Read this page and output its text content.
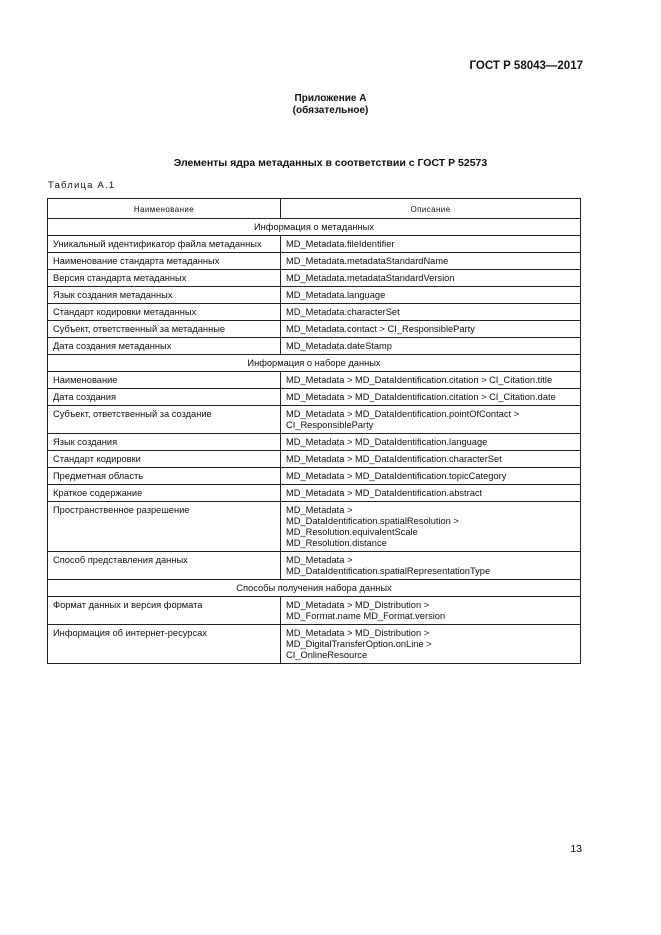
ГОСТ Р 58043—2017
Приложение А
(обязательное)
Элементы ядра метаданных в соответствии с ГОСТ Р 52573
Таблица А.1
Наименование	Описание
Информация о метаданных	
Уникальный идентификатор файла метаданных	MD_Metadata.fileIdentifier

Наименование стандарта метаданных	MD_Metadata.metadataStandardName

Версия стандарта метаданных	MD_Metadata.metadataStandardVersion

Язык создания метаданных	MD_Metadata.language

Стандарт кодировки метаданных	MD_Metadata.characterSet

Субъект, ответственный за метаданные	MD_Metadata.contact > CI_ResponsibleParty

Дата создания метаданных	MD_Metadata.dateStamp

Информация о наборе данных	
Наименование	MD_Metadata > MD_DataIdentification.citation > CI_Citation.title

Дата создания	MD_Metadata > MD_DataIdentification.citation > CI_Citation.date

Субъект, ответственный за создание	MD_Metadata > MD_DataIdentification.pointOfContact >
CI_ResponsibleParty

Язык создания	MD_Metadata > MD_DataIdentification.language

Стандарт кодировки	MD_Metadata > MD_DataIdentification.characterSet

Предметная область	MD_Metadata > MD_DataIdentification.topicCategory

Краткое содержание	MD_Metadata > MD_DataIdentification.abstract

Пространственное разрешение	MD_Metadata >
MD_DataIdentification.spatialResolution >
MD_Resolution.equivalentScale
MD_Resolution.distance

Способ представления данных	MD_Metadata >
MD_DataIdentification.spatialRepresentationType

Способы получения набора данных	
Формат данных и версия формата	MD_Metadata > MD_Distribution >
MD_Format.name MD_Format.version

Информация об интернет-ресурсах	MD_Metadata > MD_Distribution >
MD_DigitalTransferOption.onLine >
CI_OnlineResource
13
